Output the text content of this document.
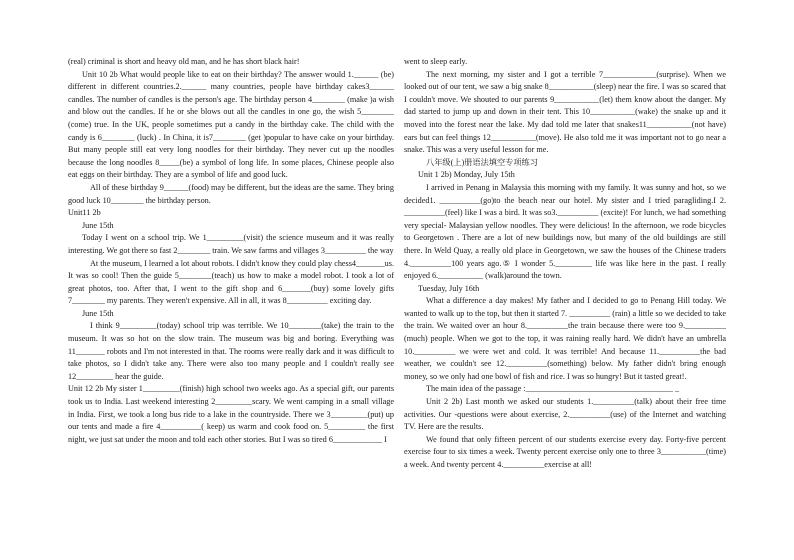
(real) criminal is short and heavy old man, and he has short black hair!

Unit 10 2b What would people like to eat on their birthday? The answer would 1.______ (be) different in different countries.2.______ many countries, people have birthday cakes3______ candles. The number of candles is the person's age. The birthday person 4________ (make )a wish and blow out the candles. If he or she blows out all the candles in one go, the wish 5________ (come) true. In the UK, people sometimes put a candy in the birthday cake. The child with the candy is 6________ (luck) . In China, it is7________ (get )popular to have cake on your birthday. But many people still eat very long noodles for their birthday. They never cut up the noodles because the long noodles 8_____(be) a symbol of long life. In some places, Chinese people also eat eggs on their birthday. They are a symbol of life and good luck.

All of these birthday 9______(food) may be different, but the ideas are the same. They bring good luck 10________ the birthday person.

Unit11 2b

June 15th

Today I went on a school trip. We 1_________(visit) the science museum and it was really interesting. We got there so fast 2________ train. We saw farms and villages 3__________ the way

At the museum, I learned a lot about robots. I didn't know they could play chess4_______us. It was so cool! Then the guide 5________(teach) us how to make a model robot. I took a lot of great photos, too. After that, I went to the gift shop and 6_______(buy) some lovely gifts 7________ my parents. They weren't expensive. All in all, it was 8__________ exciting day.

June 15th

I think 9_________(today) school trip was terrible. We 10________(take) the train to the museum. It was so hot on the slow train. The museum was big and boring. Everything was 11_______ robots and I'm not interested in that. The rooms were really dark and it was difficult to take photos, so I didn't take any. There were also too many people and I couldn't really see 12_________ hear the guide.

Unit 12 2b My sister 1_________(finish) high school two weeks ago. As a special gift, our parents took us to India. Last weekend interesting 2_________scary. We went camping in a small village in India. First, we took a long bus ride to a lake in the countryside. There we 3_________(put) up our tents and made a fire 4__________( keep) us warm and cook food on. 5_________ the first night, we just sat under the moon and told each other stories. But I was so tired 6____________ I

went to sleep early.

The next morning, my sister and I got a terrible 7_____________(surprise). When we looked out of our tent, we saw a big snake 8___________(sleep) near the fire. I was so scared that I couldn't move. We shouted to our parents 9___________(let) them know about the danger. My dad started to jump up and down in their tent. This 10___________(wake) the snake up and it moved into the forest near the lake. My dad told me later that snakes11___________(not have) ears but can feel things 12___________(move). He also told me it was important not to go near a snake. This was a very useful lesson for me.

八年级(上)册语法填空专项练习

Unit 1 2b) Monday, July 15th

I arrived in Penang in Malaysia this morning with my family. It was sunny and hot, so we decided1. __________(go)to the beach near our hotel. My sister and I tried paragliding.I 2. __________(feel) like I was a bird. It was so3.__________ (excite)! For lunch, we had something very special- Malaysian yellow noodles. They were delicious! In the afternoon, we rode bicycles to Georgetown . There are a lot of new buildings now, but many of the old buildings are still there. In Weld Quay, a really old place in Georgetown, we saw the houses of the Chinese traders 4.__________100 years ago.⑤ I wonder 5._________ life was like here in the past. I really enjoyed 6.___________ (walk)around the town.

Tuesday, July 16th

What a difference a day makes! My father and I decided to go to Penang Hill today. We wanted to walk up to the top, but then it started 7. __________ (rain) a little so we decided to take the train. We waited over an hour 8.__________the train because there were too 9.__________ (much) people. When we got to the top, it was raining really hard. We didn't have an umbrella 10.__________ we were wet and cold. It was terrible! And because 11.__________the bad weather, we couldn't see 12.__________(something) below. My father didn't bring enough money, so we only had one bowl of fish and rice. I was so hungry! But it tasted great!.

The main idea of the passage :____________________________________ _

Unit 2 2b) Last month we asked our students 1.__________(talk) about their free time activities. Our -questions were about exercise, 2.__________(use) of the Internet and watching TV. Here are the results.

We found that only fifteen percent of our students exercise every day. Forty-five percent exercise four to six times a week. Twenty percent exercise only one to three 3___________(time) a week. And twenty percent 4.__________exercise at all!
